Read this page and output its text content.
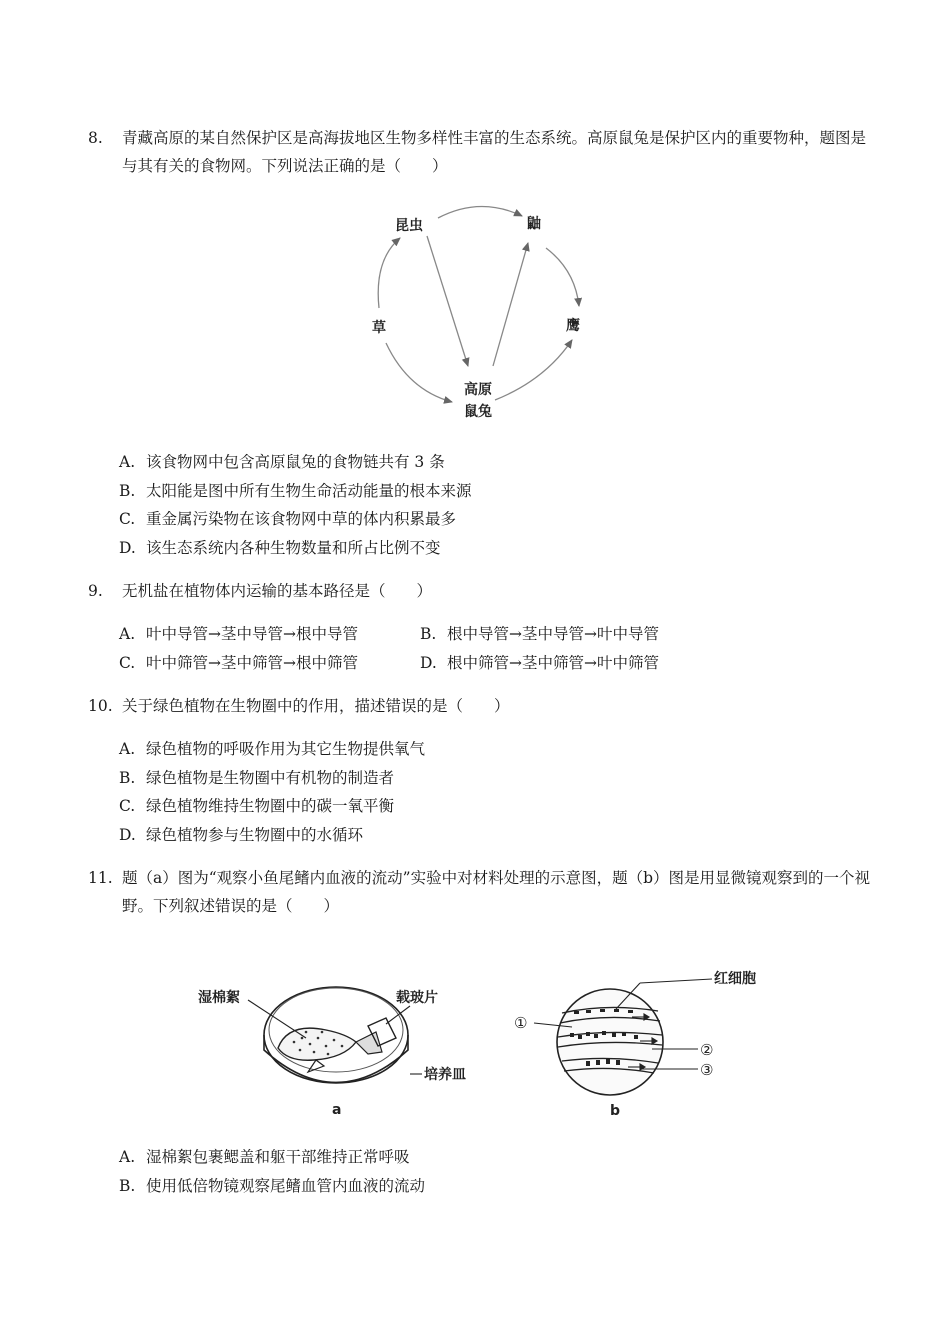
8. 青藏高原的某自然保护区是高海拔地区生物多样性丰富的生态系统。高原鼠兔是保护区内的重要物种，题图是与其有关的食物网。下列说法正确的是（　　）
昆虫	鼬
草	鹰
高原
鼠兔
A. 该食物网中包含高原鼠兔的食物链共有 3 条
B. 太阳能是图中所有生物生命活动能量的根本来源
C. 重金属污染物在该食物网中草的体内积累最多
D. 该生态系统内各种生物数量和所占比例不变
9. 无机盐在植物体内运输的基本路径是（　　）
A. 叶中导管→茎中导管→根中导管	B. 根中导管→茎中导管→叶中导管
C. 叶中筛管→茎中筛管→根中筛管	D. 根中筛管→茎中筛管→叶中筛管
10. 关于绿色植物在生物圈中的作用，描述错误的是（　　）
A. 绿色植物的呼吸作用为其它生物提供氧气
B. 绿色植物是生物圈中有机物的制造者
C. 绿色植物维持生物圈中的碳一氧平衡
D. 绿色植物参与生物圈中的水循环
11. 题（a）图为“观察小鱼尾鳍内血液的流动”实验中对材料处理的示意图，题（b）图是用显微镜观察到的一个视野。下列叙述错误的是（　　）
湿棉絮	载玻片
培养皿
a
红细胞
①
②
③
b
A. 湿棉絮包裹鳃盖和躯干部维持正常呼吸
B. 使用低倍物镜观察尾鳍血管内血液的流动
